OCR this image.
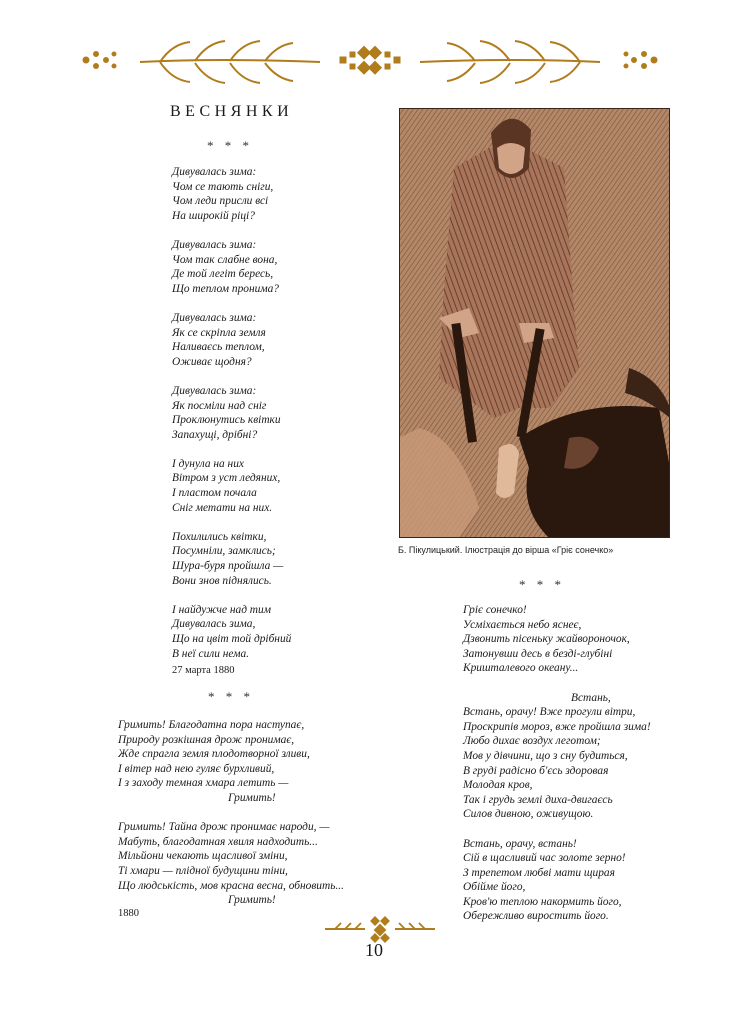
ВЕСНЯНКИ
* * *
Дивувалась зима:
Чом се тають сніги,
Чом леди присли всі
На широкій ріці?
Дивувалась зима:
Чом так слабне вона,
Де той легіт бересь,
Що теплом пронима?
Дивувалась зима:
Як се скріпла земля
Наливаєсь теплом,
Оживає щодня?
Дивувалась зима:
Як посміли над сніг
Проклюнутись квітки
Запахущі, дрібні?
І дунула на них
Вітром з уст ледяних,
І пластом почала
Сніг метати на них.
Похилились квітки,
Посумніли, замклись;
Шура-буря пройшла —
Вони знов піднялись.
І найдужче над тим
Дивувалась зима,
Що на цвіт той дрібний
В неї сили нема.
27 марта 1880
* * *
Гримить! Благодатна пора наступає,
Природу розкішная дрож пронимає,
Жде спрагла земля плодотворної зливи,
І вітер над нею гуляє бурхливий,
І з заходу темная хмара летить —
Гримить!
Гримить! Тайна дрож пронимає народи, —
Мабуть, благодатная хвиля надходить...
Мільйони чекають щасливої зміни,
Ті хмари — плідної будущини тіни,
Що людськість, мов красна весна, обновить...
Гримить!
1880
Б. Пікулицький. Ілюстрація до вірша «Гріє сонечко»
* * *
Гріє сонечко!
Усміхається небо яснеє,
Дзвонить пісеньку жайвороночок,
Затонувши десь в безді-глубіні
Кришталевого океану...
Встань,
Встань, орачу! Вже прогули вітри,
Проскрипів мороз, вже пройшла зима!
Любо дихає воздух леготом;
Мов у дівчини, що з сну будиться,
В груді радісно б'єсь здоровая
Молодая кров,
Так і грудь землі диха-двигаєсь
Силов дивною, оживущою.
Встань, орачу, встань!
Сій в щасливий час золоте зерно!
З трепетом любві мати щирая
Обійме його,
Кров'ю теплою накормить його,
Обережливо виростить його.
10
